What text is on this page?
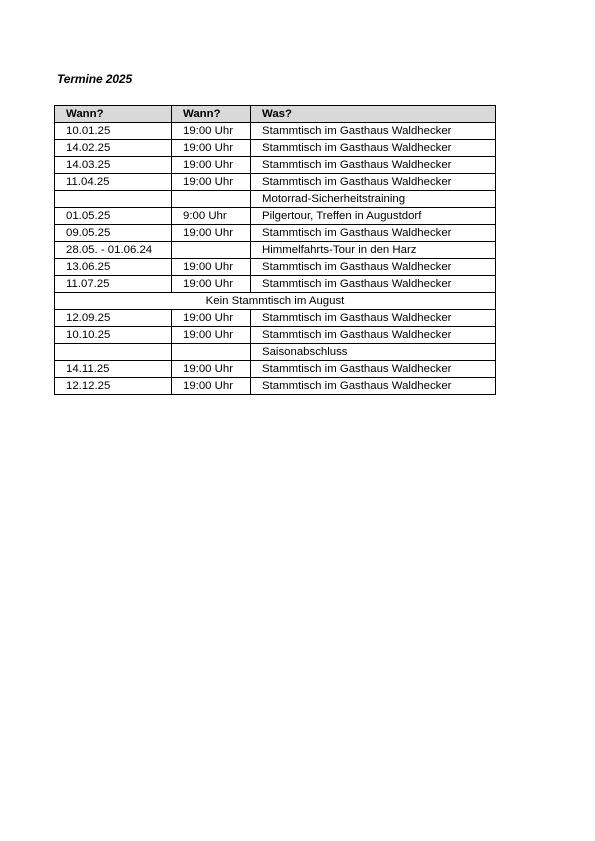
Termine 2025
Wann?	Wann?	Was?
10.01.25	19:00 Uhr	Stammtisch im Gasthaus Waldhecker
14.02.25	19:00 Uhr	Stammtisch im Gasthaus Waldhecker
14.03.25	19:00 Uhr	Stammtisch im Gasthaus Waldhecker
11.04.25	19:00 Uhr	Stammtisch im Gasthaus Waldhecker
		Motorrad-Sicherheitstraining
01.05.25	9:00 Uhr	Pilgertour, Treffen in Augustdorf
09.05.25	19:00 Uhr	Stammtisch im Gasthaus Waldhecker
28.05. - 01.06.24		Himmelfahrts-Tour in den Harz
13.06.25	19:00 Uhr	Stammtisch im Gasthaus Waldhecker
11.07.25	19:00 Uhr	Stammtisch im Gasthaus Waldhecker
Kein Stammtisch im August		
12.09.25	19:00 Uhr	Stammtisch im Gasthaus Waldhecker
10.10.25	19:00 Uhr	Stammtisch im Gasthaus Waldhecker
		Saisonabschluss
14.11.25	19:00 Uhr	Stammtisch im Gasthaus Waldhecker
12.12.25	19:00 Uhr	Stammtisch im Gasthaus Waldhecker
